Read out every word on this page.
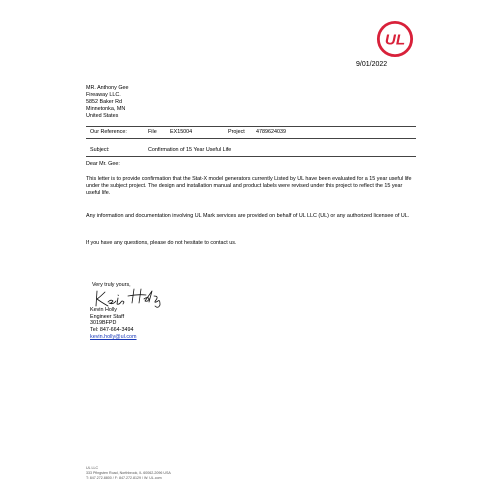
UL
9/01/2022
MR. Anthony Gee
Fireaway LLC.
5852 Baker Rd
Minnetonka, MN
United States
Our Reference:	File EX15004	Project 4789624039
Subject:	Confirmation of 15 Year Useful Life
Dear Mr. Gee:
This letter is to provide confirmation that the Stat-X model generators currently Listed by UL have been evaluated for a 15 year useful life under the subject project. The design and installation manual and product labels were revised under this project to reflect the 15 year useful life.
Any information and documentation involving UL Mark services are provided on behalf of UL LLC (UL) or any authorized licensee of UL.
If you have any questions, please do not hesitate to contact us.
Very truly yours,
Kevin Holly
Engineer Staff
3019BFPD
Tel: 847-664-3494
kevin.holly@ul.com
UL LLC
333 Pfingsten Road, Northbrook, IL 60062-2096 USA
T: 847.272.8800 / F: 847.272.8129 / W: UL.com
